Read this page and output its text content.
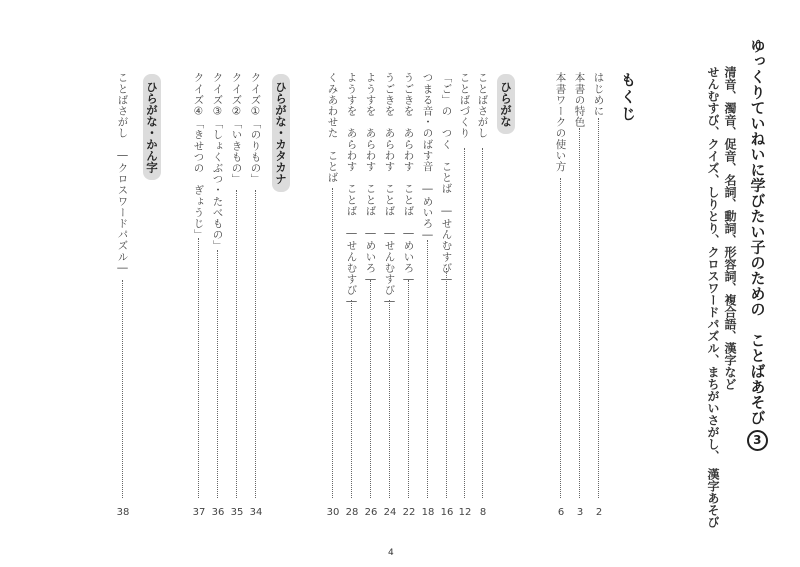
ゆっくりていねいに学びたい子のための　ことばあそび3
清音、濁音、促音、名詞、動詞、形容詞、複合語、漢字など
せんむすび、クイズ、しりとり、クロスワードパズル、まちがいさがし、　漢字あそび
もくじ
はじめに
2
本書の特色
3
本書ワークの使い方
6
ひらがな
ことばさがし
8
ことばづくり
12
「ご」の　つく　ことば　―せんむすび―
16
つまる音・のばす音　―めいろ―
18
うごきを　あらわす　ことば　―めいろ―
22
うごきを　あらわす　ことば　―せんむすび―
24
ようすを　あらわす　ことば　―めいろ―
26
ようすを　あらわす　ことば　―せんむすび―
28
くみあわせた　ことば
30
ひらがな・カタカナ
クイズ①「のりもの」
34
クイズ②「いきもの」
35
クイズ③「しょくぶつ・たべもの」
36
クイズ④「きせつの　ぎょうじ」
37
ひらがな・かん字
ことばさがし　―クロスワードパズル―
38
4
